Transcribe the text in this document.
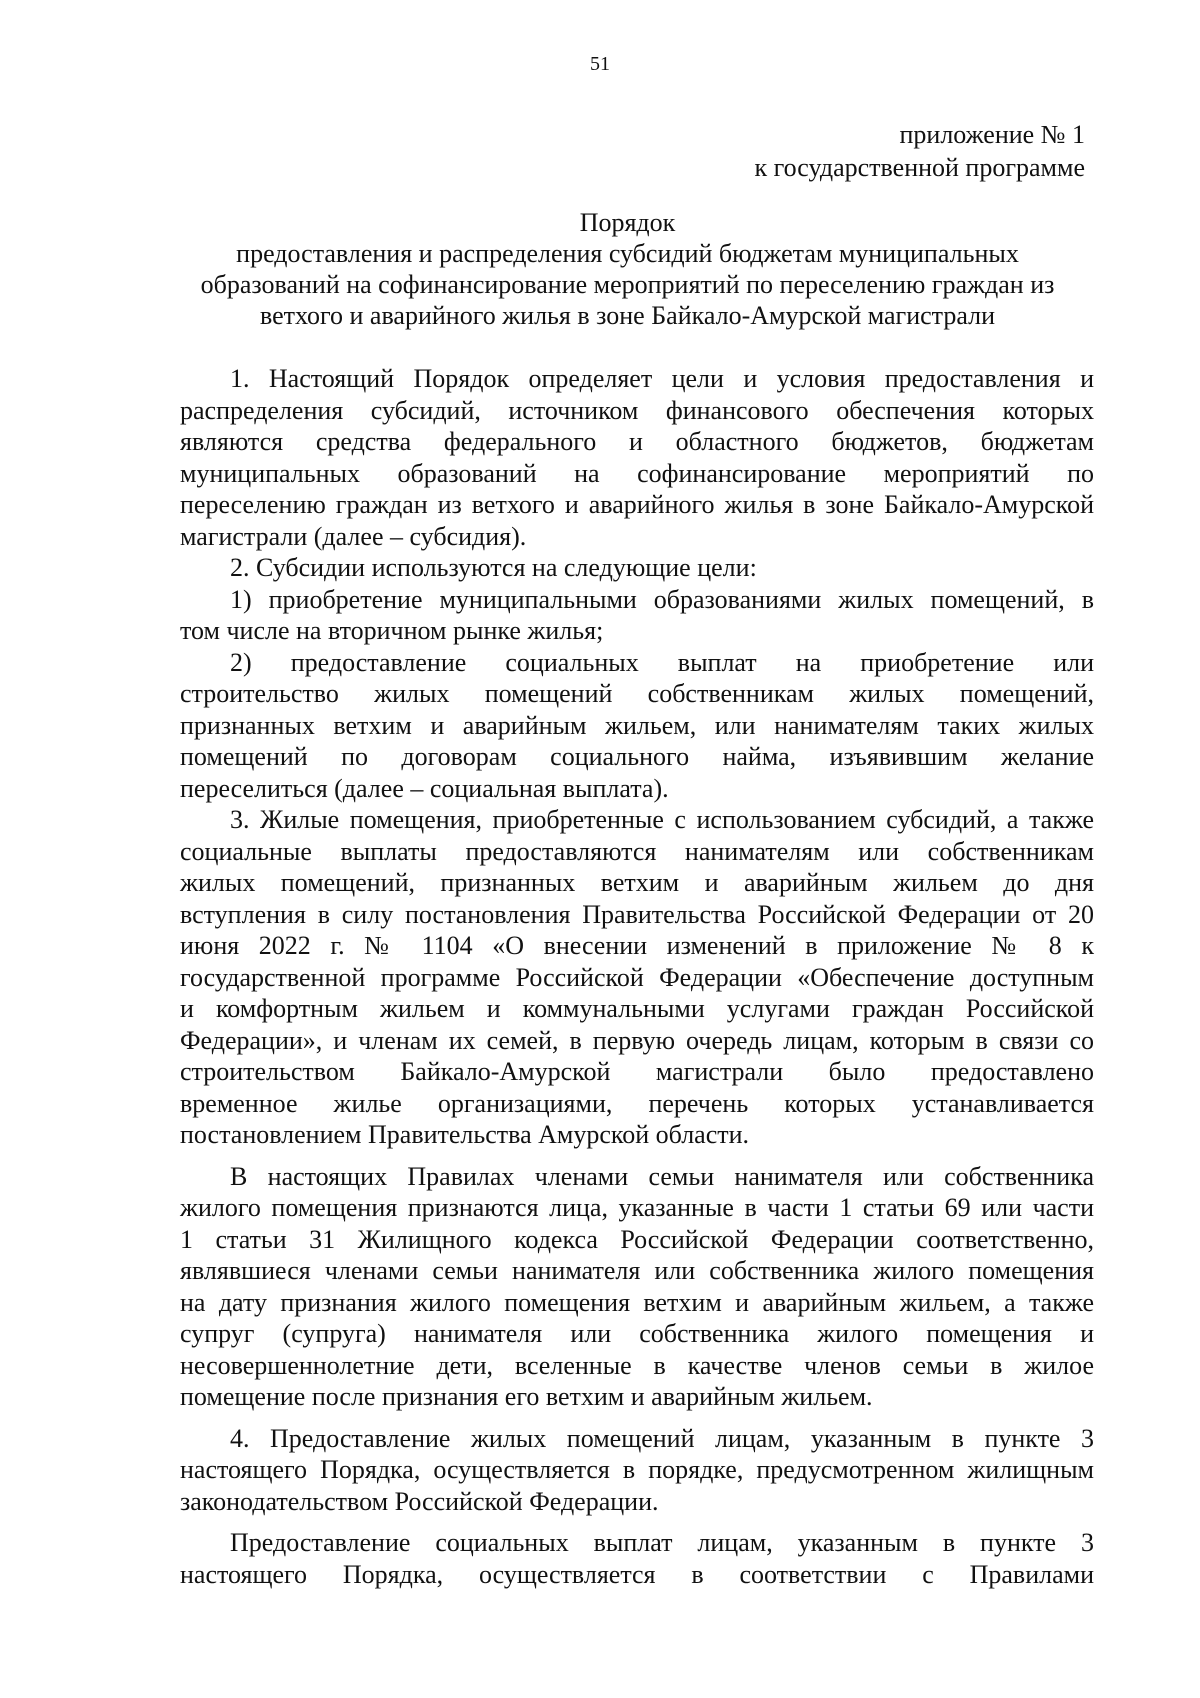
51
приложение № 1
к государственной программе
Порядок
предоставления и распределения субсидий бюджетам муниципальных
образований на софинансирование мероприятий по переселению граждан из
ветхого и аварийного жилья в зоне Байкало-Амурской магистрали
1. Настоящий Порядок определяет цели и условия предоставления и
распределения субсидий, источником финансового обеспечения которых
являются средства федерального и областного бюджетов, бюджетам
муниципальных образований на софинансирование мероприятий по
переселению граждан из ветхого и аварийного жилья в зоне Байкало-Амурской
магистрали (далее – субсидия).
2. Субсидии используются на следующие цели:
1) приобретение муниципальными образованиями жилых помещений, в
том числе на вторичном рынке жилья;
2) предоставление социальных выплат на приобретение или
строительство жилых помещений собственникам жилых помещений,
признанных ветхим и аварийным жильем, или нанимателям таких жилых
помещений по договорам социального найма, изъявившим желание
переселиться (далее – социальная выплата).
3. Жилые помещения, приобретенные с использованием субсидий, а также
социальные выплаты предоставляются нанимателям или собственникам
жилых помещений, признанных ветхим и аварийным жильем до дня
вступления в силу постановления Правительства Российской Федерации от 20
июня 2022 г. № 1104 «О внесении изменений в приложение № 8 к
государственной программе Российской Федерации «Обеспечение доступным
и комфортным жильем и коммунальными услугами граждан Российской
Федерации», и членам их семей, в первую очередь лицам, которым в связи со
строительством Байкало-Амурской магистрали было предоставлено
временное жилье организациями, перечень которых устанавливается
постановлением Правительства Амурской области.
В настоящих Правилах членами семьи нанимателя или собственника
жилого помещения признаются лица, указанные в части 1 статьи 69 или части
1 статьи 31 Жилищного кодекса Российской Федерации соответственно,
являвшиеся членами семьи нанимателя или собственника жилого помещения
на дату признания жилого помещения ветхим и аварийным жильем, а также
супруг (супруга) нанимателя или собственника жилого помещения и
несовершеннолетние дети, вселенные в качестве членов семьи в жилое
помещение после признания его ветхим и аварийным жильем.
4. Предоставление жилых помещений лицам, указанным в пункте 3
настоящего Порядка, осуществляется в порядке, предусмотренном жилищным
законодательством Российской Федерации.
Предоставление социальных выплат лицам, указанным в пункте 3
настоящего Порядка, осуществляется в соответствии с Правилами
